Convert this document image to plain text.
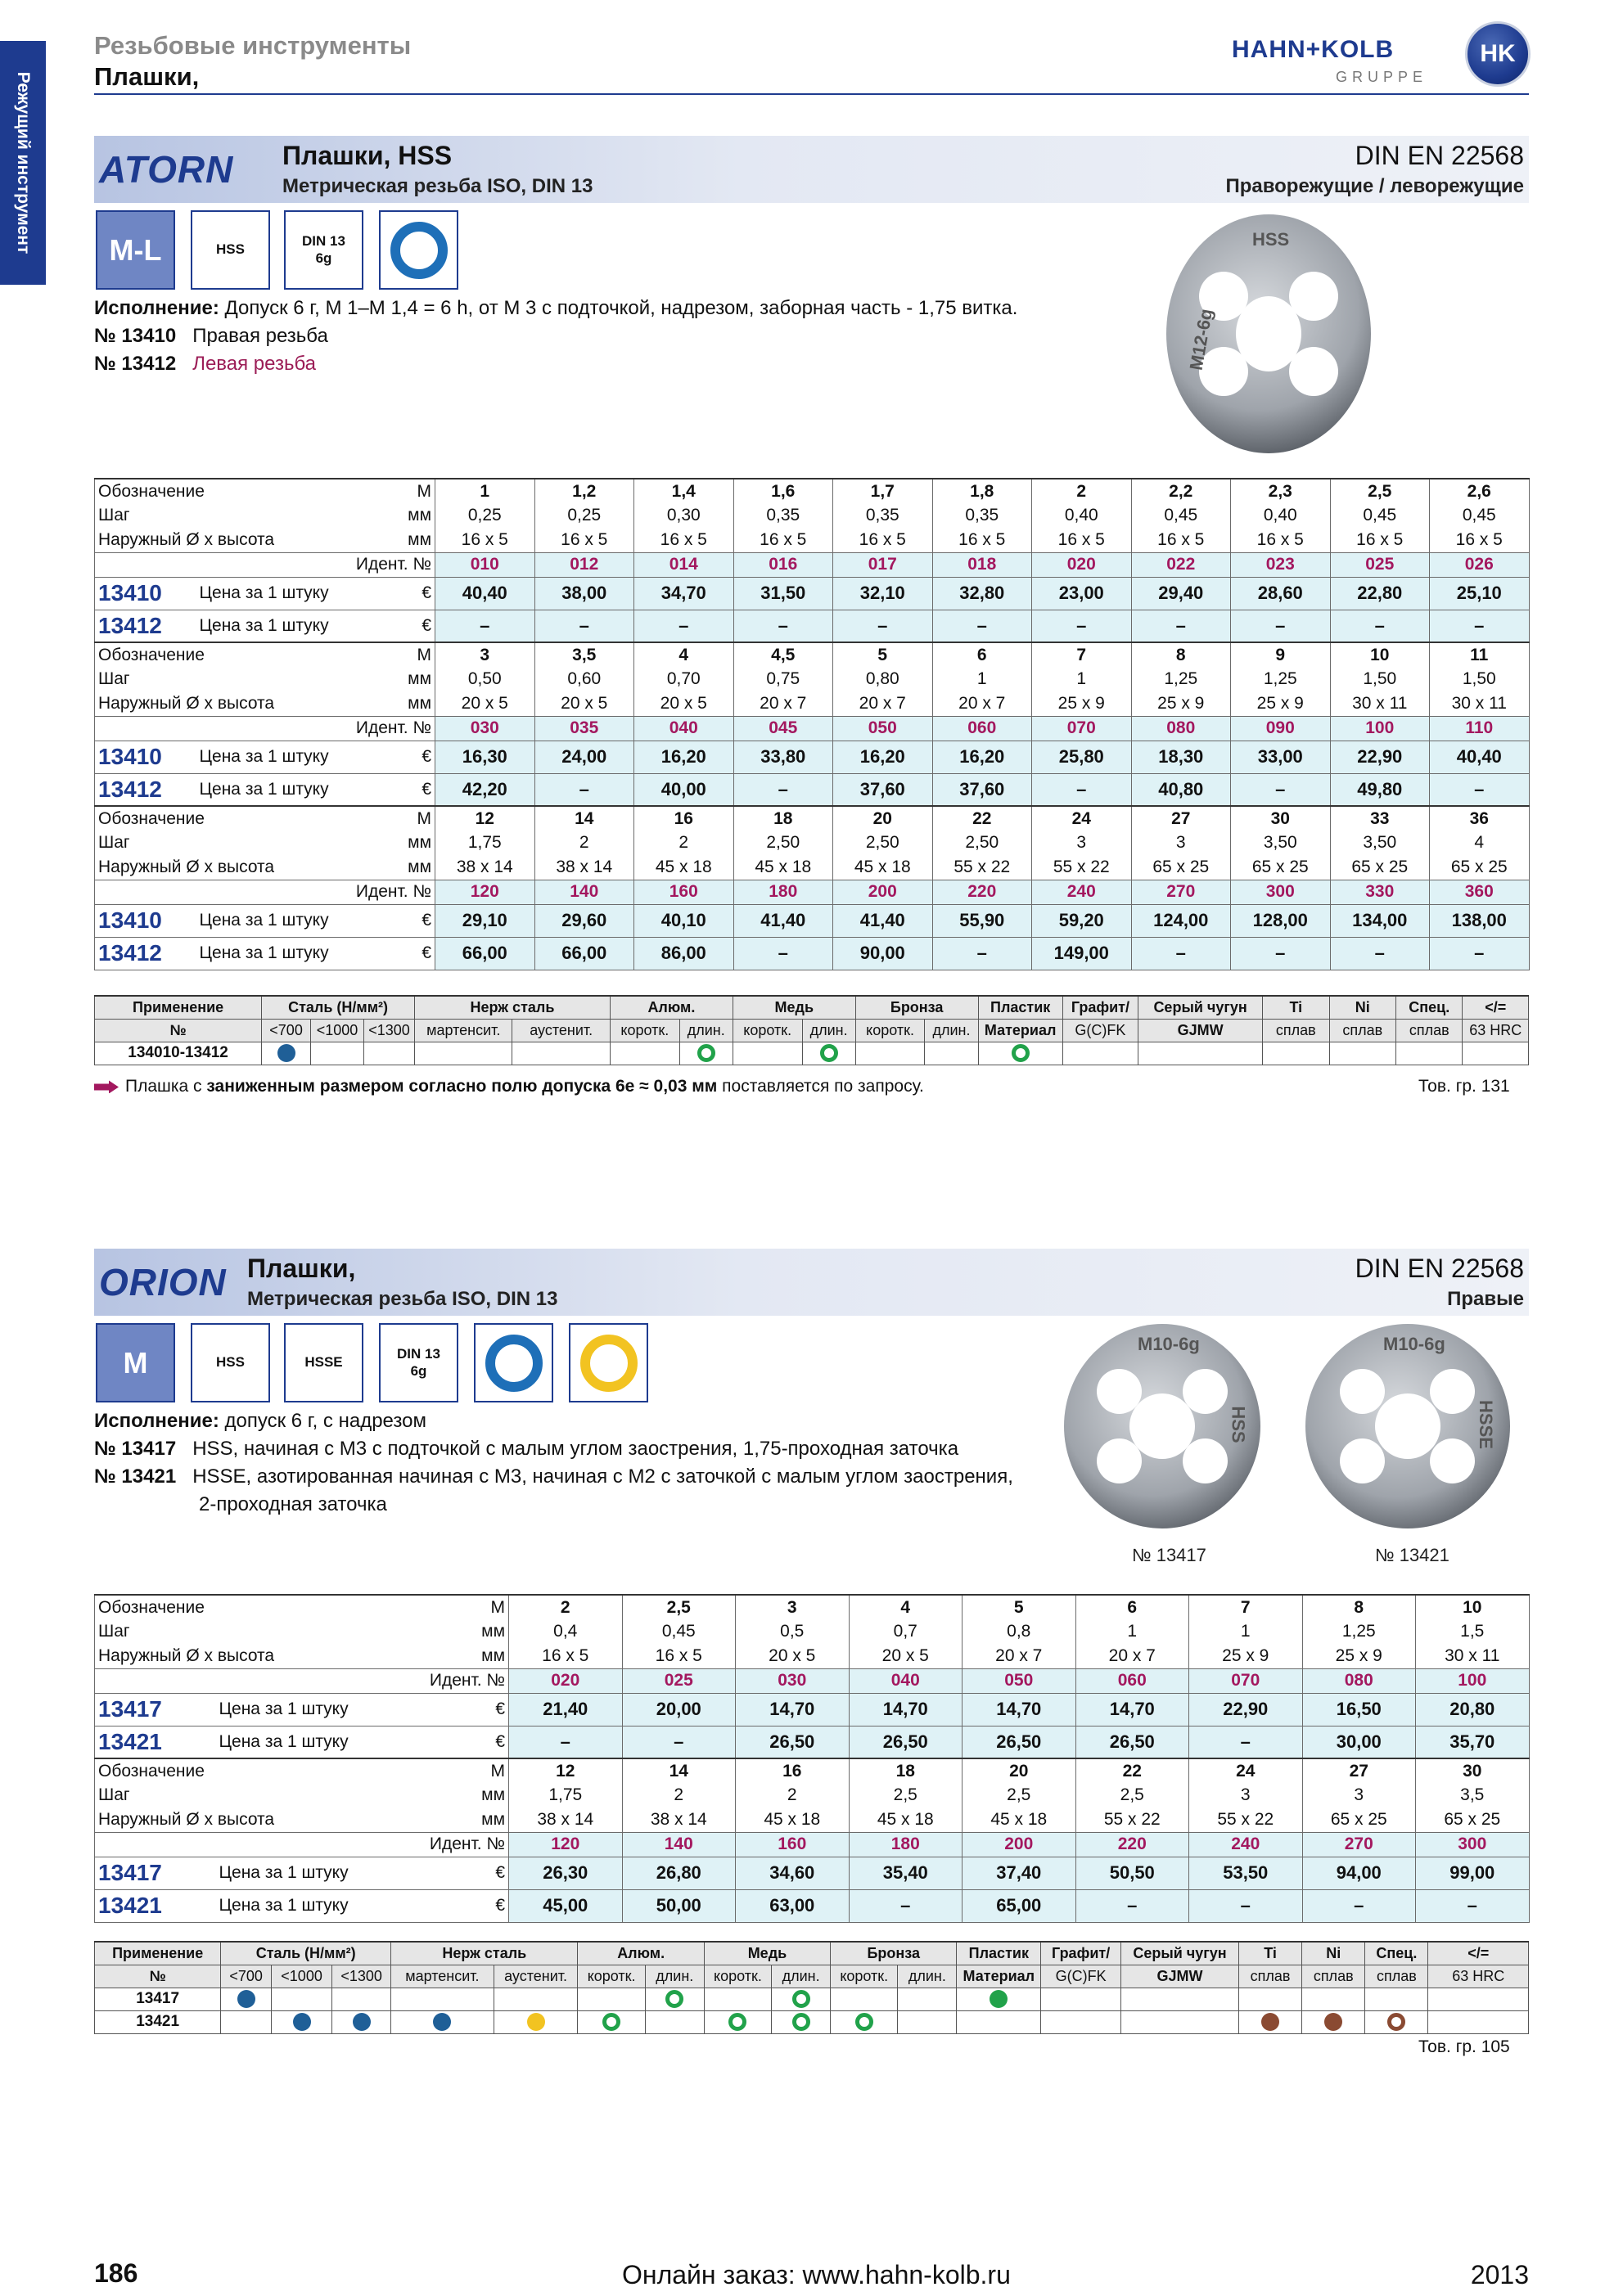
Режущий инструмент
Резьбовые инструменты
Плашки,
HAHN+KOLB
GRUPPE
HK
ATORN Плашки, HSS
Метрическая резьба ISO, DIN 13
DIN EN 22568
Праворежущие / леворежущие
M-L	HSS
DIN 13
6g
Исполнение: Допуск 6 г, М 1–М 1,4 = 6 h, от М 3 с подточкой, надрезом, заборная часть - 1,75 витка.
№ 13410 Правая резьба
№ 13412 Левая резьба
HSS
M12-6g
Обозначение		М	1	1,2	1,4	1,6	1,7	1,8	2	2,2	2,3	2,5	2,6
Шаг		мм	0,25	0,25	0,30	0,35	0,35	0,35	0,40	0,45	0,40	0,45	0,45
Наружный Ø x высота		мм	16 x 5	16 x 5	16 x 5	16 x 5	16 x 5	16 x 5	16 x 5	16 x 5	16 x 5	16 x 5	16 x 5
Идент. №			010	012	014	016	017	018	020	022	023	025	026
13410	Цена за 1 штуку	€	40,40	38,00	34,70	31,50	32,10	32,80	23,00	29,40	28,60	22,80	25,10
13412	Цена за 1 штуку	€	–	–	–	–	–	–	–	–	–	–	–
Обозначение		М	3	3,5	4	4,5	5	6	7	8	9	10	11
Шаг		мм	0,50	0,60	0,70	0,75	0,80	1	1	1,25	1,25	1,50	1,50
Наружный Ø x высота		мм	20 x 5	20 x 5	20 x 5	20 x 7	20 x 7	20 x 7	25 x 9	25 x 9	25 x 9	30 x 11	30 x 11
Идент. №			030	035	040	045	050	060	070	080	090	100	110
13410	Цена за 1 штуку	€	16,30	24,00	16,20	33,80	16,20	16,20	25,80	18,30	33,00	22,90	40,40
13412	Цена за 1 штуку	€	42,20	–	40,00	–	37,60	37,60	–	40,80	–	49,80	–
Обозначение		М	12	14	16	18	20	22	24	27	30	33	36
Шаг		мм	1,75	2	2	2,50	2,50	2,50	3	3	3,50	3,50	4
Наружный Ø x высота		мм	38 x 14	38 x 14	45 x 18	45 x 18	45 x 18	55 x 22	55 x 22	65 x 25	65 x 25	65 x 25	65 x 25
Идент. №			120	140	160	180	200	220	240	270	300	330	360
13410	Цена за 1 штуку	€	29,10	29,60	40,10	41,40	41,40	55,90	59,20	124,00	128,00	134,00	138,00
13412	Цена за 1 штуку	€	66,00	66,00	86,00	–	90,00	–	149,00	–	–	–	–
Применение	Сталь (Н/мм²)			Нерж сталь		Алюм.		Медь		Бронза		Пластик	Графит/	Серый чугун	Ti	Ni	Спец.	</=
№	<700	<1000	<1300	мартенсит.	аустенит.	коротк.	длин.	коротк.	длин.	коротк.	длин.	Материал	G(C)FK	GJMW	сплав	сплав	сплав	63 HRC
134010-13412																		
Плашка с заниженным размером согласно полю допуска 6е ≈ 0,03 мм поставляется по запросу.	Тов. гр. 131
ORION Плашки,
Метрическая резьба ISO, DIN 13
DIN EN 22568
Правые
M	HSS	HSSE
DIN 13
6g
Исполнение: допуск 6 г, с надрезом
№ 13417 HSS, начиная с М3 с подточкой с малым углом заострения, 1,75-проходная заточка
№ 13421 HSSE, азотированная начиная с М3, начиная с М2 с заточкой с малым углом заострения,
2-проходная заточка
M10-6g
HSS
M10-6g
HSSE
№ 13417	№ 13421
Обозначение		М	2	2,5	3	4	5	6	7	8	10
Шаг		мм	0,4	0,45	0,5	0,7	0,8	1	1	1,25	1,5
Наружный Ø x высота		мм	16 x 5	16 x 5	20 x 5	20 x 5	20 x 7	20 x 7	25 x 9	25 x 9	30 x 11
Идент. №			020	025	030	040	050	060	070	080	100
13417	Цена за 1 штуку	€	21,40	20,00	14,70	14,70	14,70	14,70	22,90	16,50	20,80
13421	Цена за 1 штуку	€	–	–	26,50	26,50	26,50	26,50	–	30,00	35,70
Обозначение		М	12	14	16	18	20	22	24	27	30
Шаг		мм	1,75	2	2	2,5	2,5	2,5	3	3	3,5
Наружный Ø x высота		мм	38 x 14	38 x 14	45 x 18	45 x 18	45 x 18	55 x 22	55 x 22	65 x 25	65 x 25
Идент. №			120	140	160	180	200	220	240	270	300
13417	Цена за 1 штуку	€	26,30	26,80	34,60	35,40	37,40	50,50	53,50	94,00	99,00
13421	Цена за 1 штуку	€	45,00	50,00	63,00	–	65,00	–	–	–	–
Применение	Сталь (Н/мм²)			Нерж сталь		Алюм.		Медь		Бронза		Пластик	Графит/	Серый чугун	Ti	Ni	Спец.	</=
№	<700	<1000	<1300	мартенсит.	аустенит.	коротк.	длин.	коротк.	длин.	коротк.	длин.	Материал	G(C)FK	GJMW	сплав	сплав	сплав	63 HRC
13417																		
13421																		
Тов. гр. 105
186	Онлайн заказ: www.hahn-kolb.ru	2013
